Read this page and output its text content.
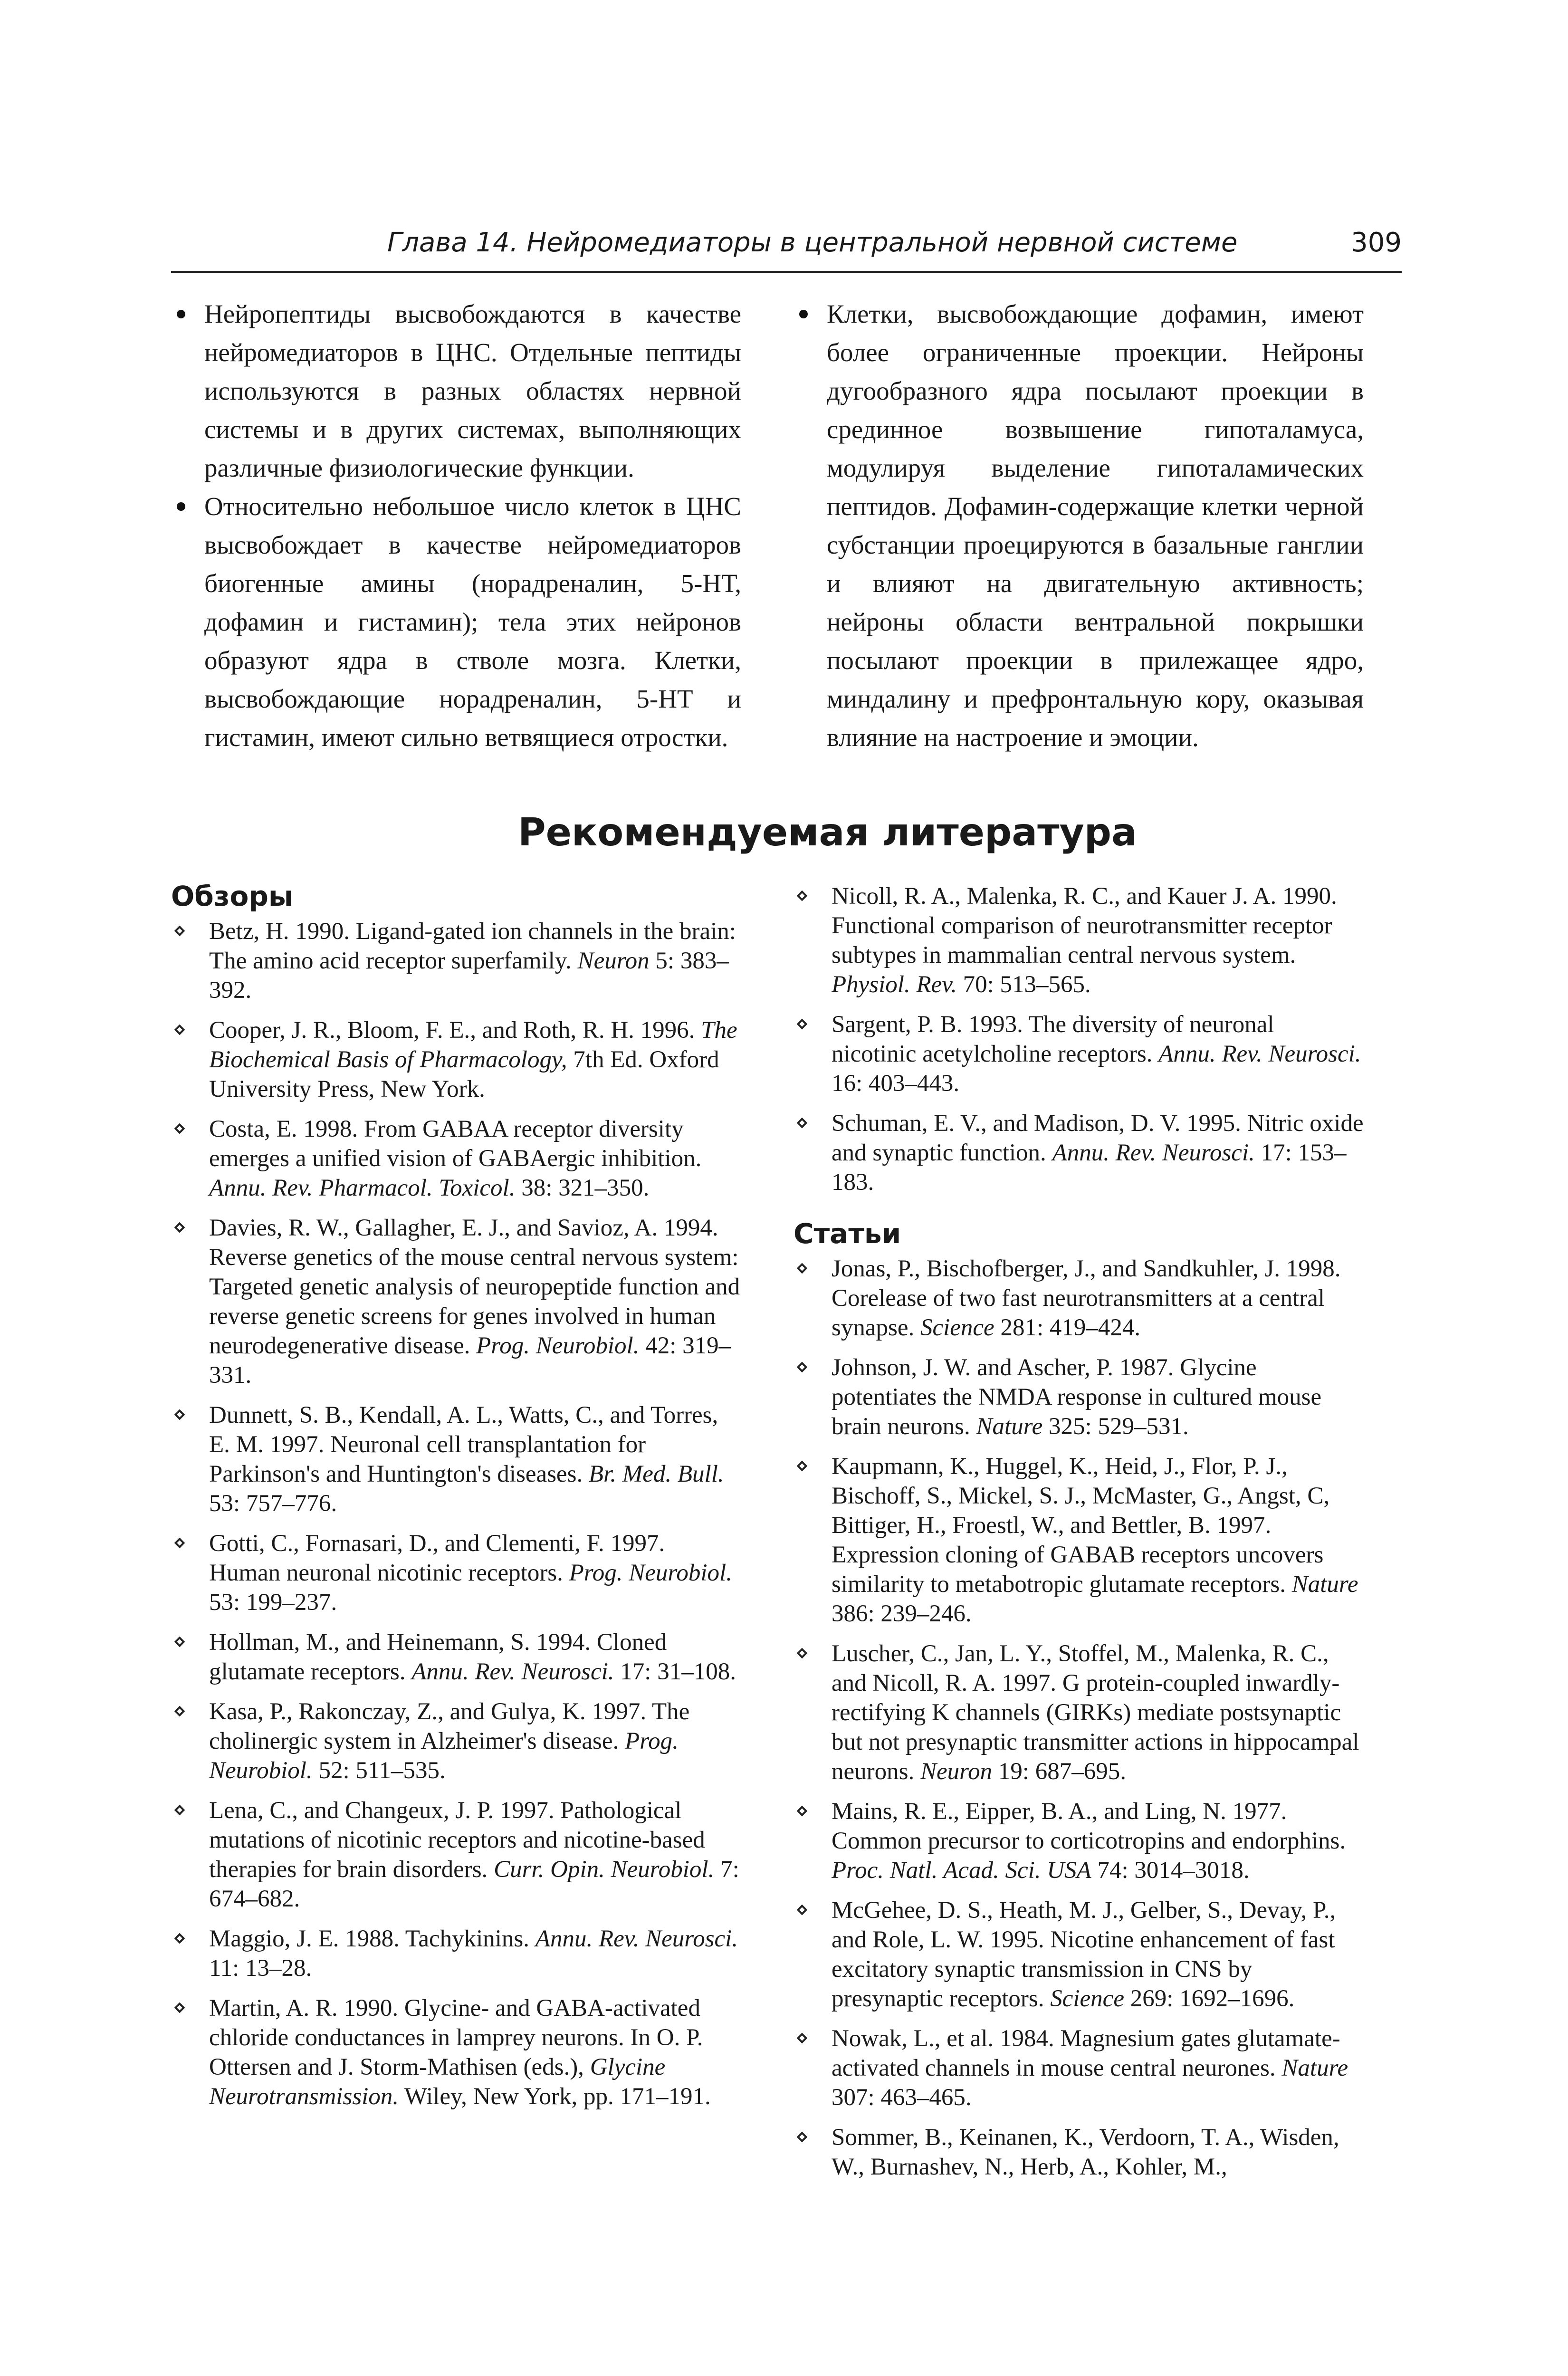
Глава 14. Нейромедиаторы в центральной нервной системе	309

Нейропептиды высвобождаются в качестве нейромедиаторов в ЦНС. Отдельные пептиды используются в разных областях нервной системы и в других системах, выполняющих различные физиологические функции.

Относительно небольшое число клеток в ЦНС высвобождает в качестве нейромедиаторов биогенные амины (норадреналин, 5-НТ, дофамин и гистамин); тела этих нейронов образуют ядра в стволе мозга. Клетки, высвобождающие норадреналин, 5-НТ и гистамин, имеют сильно ветвящиеся отростки.

Клетки, высвобождающие дофамин, имеют более ограниченные проекции. Нейроны дугообразного ядра посылают проекции в срединное возвышение гипоталамуса, модулируя выделение гипоталамических пептидов. Дофамин-содержащие клетки черной субстанции проецируются в базальные ганглии и влияют на двигательную активность; нейроны области вентральной покрышки посылают проекции в прилежащее ядро, миндалину и префронтальную кору, оказывая влияние на настроение и эмоции.

Рекомендуемая литература
Обзоры

Betz, H. 1990. Ligand-gated ion channels in the brain: The amino acid receptor superfamily. Neuron 5: 383–392.

Cooper, J. R., Bloom, F. E., and Roth, R. H. 1996. The Biochemical Basis of Pharmacology, 7th Ed. Oxford University Press, New York.

Costa, E. 1998. From GABAA receptor diversity emerges a unified vision of GABAergic inhibition. Annu. Rev. Pharmacol. Toxicol. 38: 321–350.

Davies, R. W., Gallagher, E. J., and Savioz, A. 1994. Reverse genetics of the mouse central nervous system: Targeted genetic analysis of neuropeptide function and reverse genetic screens for genes involved in human neurodegenerative disease. Prog. Neurobiol. 42: 319–331.

Dunnett, S. B., Kendall, A. L., Watts, C., and Torres, E. M. 1997. Neuronal cell transplantation for Parkinson's and Huntington's diseases. Br. Med. Bull. 53: 757–776.

Gotti, C., Fornasari, D., and Clementi, F. 1997. Human neuronal nicotinic receptors. Prog. Neurobiol. 53: 199–237.

Hollman, M., and Heinemann, S. 1994. Cloned glutamate receptors. Annu. Rev. Neurosci. 17: 31–108.

Kasa, P., Rakonczay, Z., and Gulya, K. 1997. The cholinergic system in Alzheimer's disease. Prog. Neurobiol. 52: 511–535.

Lena, C., and Changeux, J. P. 1997. Pathological mutations of nicotinic receptors and nicotine-based therapies for brain disorders. Curr. Opin. Neurobiol. 7: 674–682.

Maggio, J. E. 1988. Tachykinins. Annu. Rev. Neurosci. 11: 13–28.

Martin, A. R. 1990. Glycine- and GABA-activated chloride conductances in lamprey neurons. In O. P. Ottersen and J. Storm-Mathisen (eds.), Glycine Neurotransmission. Wiley, New York, pp. 171–191.

Nicoll, R. A., Malenka, R. C., and Kauer J. A. 1990. Functional comparison of neurotransmitter receptor subtypes in mammalian central nervous system. Physiol. Rev. 70: 513–565.

Sargent, P. B. 1993. The diversity of neuronal nicotinic acetylcholine receptors. Annu. Rev. Neurosci. 16: 403–443.

Schuman, E. V., and Madison, D. V. 1995. Nitric oxide and synaptic function. Annu. Rev. Neurosci. 17: 153–183.

Статьи

Jonas, P., Bischofberger, J., and Sandkuhler, J. 1998. Corelease of two fast neurotransmitters at a central synapse. Science 281: 419–424.

Johnson, J. W. and Ascher, P. 1987. Glycine potentiates the NMDA response in cultured mouse brain neurons. Nature 325: 529–531.

Kaupmann, K., Huggel, K., Heid, J., Flor, P. J., Bischoff, S., Mickel, S. J., McMaster, G., Angst, C, Bittiger, H., Froestl, W., and Bettler, B. 1997. Expression cloning of GABAB receptors uncovers similarity to metabotropic glutamate receptors. Nature 386: 239–246.

Luscher, C., Jan, L. Y., Stoffel, M., Malenka, R. C., and Nicoll, R. A. 1997. G protein-coupled inwardly-rectifying K channels (GIRKs) mediate postsynaptic but not presynaptic transmitter actions in hippocampal neurons. Neuron 19: 687–695.

Mains, R. E., Eipper, B. A., and Ling, N. 1977. Common precursor to corticotropins and endorphins. Proc. Natl. Acad. Sci. USA 74: 3014–3018.

McGehee, D. S., Heath, M. J., Gelber, S., Devay, P., and Role, L. W. 1995. Nicotine enhancement of fast excitatory synaptic transmission in CNS by presynaptic receptors. Science 269: 1692–1696.

Nowak, L., et al. 1984. Magnesium gates glutamate-activated channels in mouse central neurones. Nature 307: 463–465.

Sommer, B., Keinanen, K., Verdoorn, T. A., Wisden, W., Burnashev, N., Herb, A., Kohler, M.,
